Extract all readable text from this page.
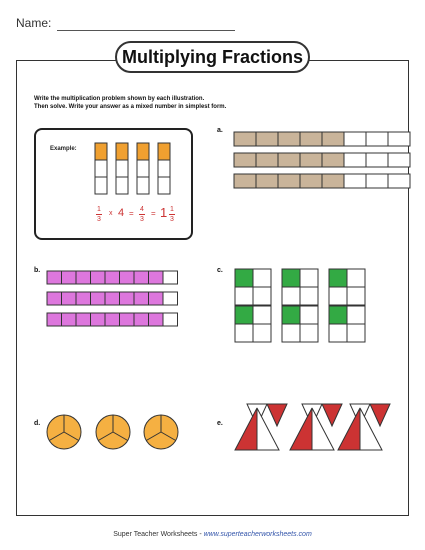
Name:
Multiplying Fractions
Write the multiplication problem shown by each illustration.
Then solve. Write your answer as a mixed number in simplest form.
Example:
1
3
x 4 = 4
3
= 1 1
3
a.
b.	c.
d.	e.
Super Teacher Worksheets - www.superteacherworksheets.com
